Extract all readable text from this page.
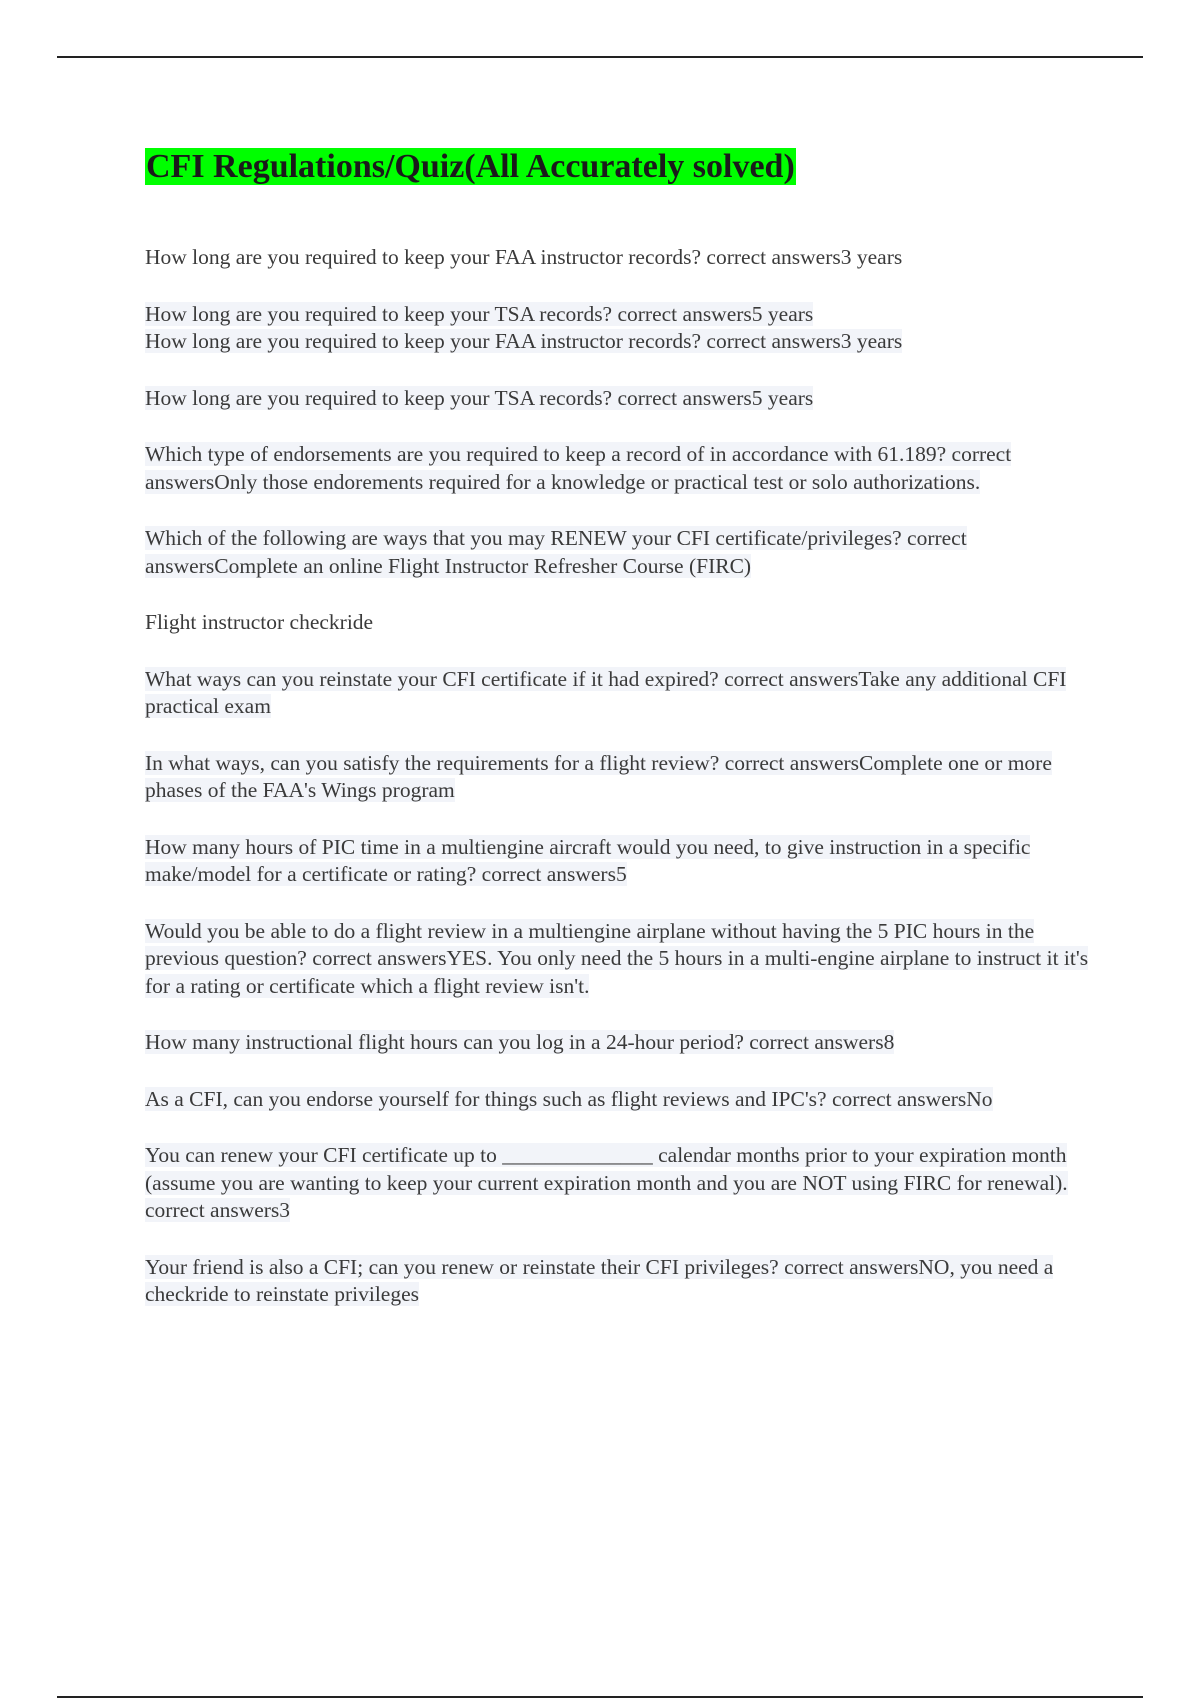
CFI Regulations/Quiz(All Accurately solved)

How long are you required to keep your FAA instructor records? correct answers3 years

How long are you required to keep your TSA records? correct answers5 years

How long are you required to keep your FAA instructor records? correct answers3 years

How long are you required to keep your TSA records? correct answers5 years

Which type of endorsements are you required to keep a record of in accordance with 61.189? correct answersOnly those endorements required for a knowledge or practical test or solo authorizations.

Which of the following are ways that you may RENEW your CFI certificate/privileges? correct answersComplete an online Flight Instructor Refresher Course (FIRC)

Flight instructor checkride

What ways can you reinstate your CFI certificate if it had expired? correct answersTake any additional CFI practical exam

In what ways, can you satisfy the requirements for a flight review? correct answersComplete one or more phases of the FAA's Wings program

How many hours of PIC time in a multiengine aircraft would you need, to give instruction in a specific make/model for a certificate or rating? correct answers5

Would you be able to do a flight review in a multiengine airplane without having the 5 PIC hours in the previous question? correct answersYES. You only need the 5 hours in a multi-engine airplane to instruct it it's for a rating or certificate which a flight review isn't.

How many instructional flight hours can you log in a 24-hour period? correct answers8

As a CFI, can you endorse yourself for things such as flight reviews and IPC's? correct answersNo

You can renew your CFI certificate up to ______________ calendar months prior to your expiration month (assume you are wanting to keep your current expiration month and you are NOT using FIRC for renewal). correct answers3

Your friend is also a CFI; can you renew or reinstate their CFI privileges? correct answersNO, you need a checkride to reinstate privileges
